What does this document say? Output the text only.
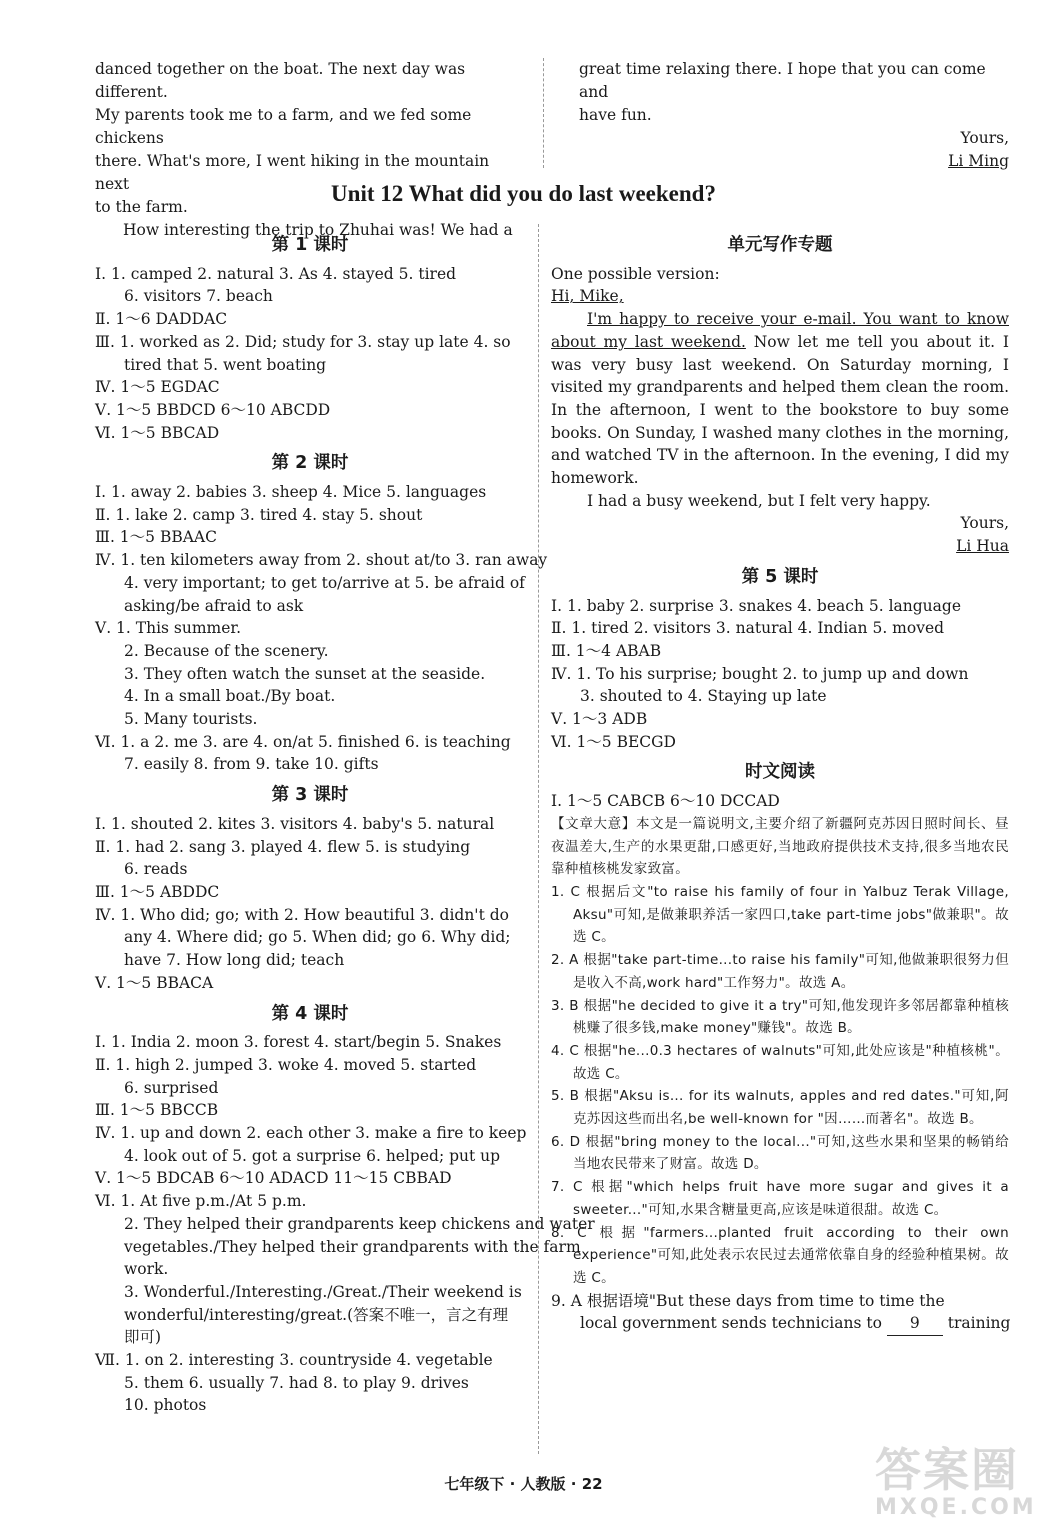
danced together on the boat. The next day was different.
My parents took me to a farm, and we fed some chickens
there. What's more, I went hiking in the mountain next
to the farm.
How interesting the trip to Zhuhai was! We had a
great time relaxing there. I hope that you can come and
have fun.
Yours,
Li Ming
Unit 12 What did you do last weekend?
第 1 课时
Ⅰ. 1. camped 2. natural 3. As 4. stayed 5. tired
6. visitors 7. beach
Ⅱ. 1～6 DADDAC
Ⅲ. 1. worked as 2. Did; study for 3. stay up late 4. so
tired that 5. went boating
Ⅳ. 1～5 EGDAC
Ⅴ. 1～5 BBDCD 6～10 ABCDD
Ⅵ. 1～5 BBCAD
第 2 课时
Ⅰ. 1. away 2. babies 3. sheep 4. Mice 5. languages
Ⅱ. 1. lake 2. camp 3. tired 4. stay 5. shout
Ⅲ. 1～5 BBAAC
Ⅳ. 1. ten kilometers away from 2. shout at/to 3. ran away
4. very important; to get to/arrive at 5. be afraid of
asking/be afraid to ask
Ⅴ. 1. This summer.
2. Because of the scenery.
3. They often watch the sunset at the seaside.
4. In a small boat./By boat.
5. Many tourists.
Ⅵ. 1. a 2. me 3. are 4. on/at 5. finished 6. is teaching
7. easily 8. from 9. take 10. gifts
第 3 课时
Ⅰ. 1. shouted 2. kites 3. visitors 4. baby's 5. natural
Ⅱ. 1. had 2. sang 3. played 4. flew 5. is studying
6. reads
Ⅲ. 1～5 ABDDC
Ⅳ. 1. Who did; go; with 2. How beautiful 3. didn't do
any 4. Where did; go 5. When did; go 6. Why did;
have 7. How long did; teach
Ⅴ. 1～5 BBACA
第 4 课时
Ⅰ. 1. India 2. moon 3. forest 4. start/begin 5. Snakes
Ⅱ. 1. high 2. jumped 3. woke 4. moved 5. started
6. surprised
Ⅲ. 1～5 BBCCB
Ⅳ. 1. up and down 2. each other 3. make a fire to keep
4. look out of 5. got a surprise 6. helped; put up
Ⅴ. 1～5 BDCAB 6～10 ADACD 11～15 CBBAD
Ⅵ. 1. At five p.m./At 5 p.m.
2. They helped their grandparents keep chickens and water
vegetables./They helped their grandparents with the farm
work.
3. Wonderful./Interesting./Great./Their weekend is
wonderful/interesting/great.(答案不唯一，言之有理
即可)
Ⅶ. 1. on 2. interesting 3. countryside 4. vegetable
5. them 6. usually 7. had 8. to play 9. drives
10. photos
单元写作专题
One possible version:
Hi, Mike,
I'm happy to receive your e-mail. You want to know about my last weekend. Now let me tell you about it. I was very busy last weekend. On Saturday morning, I visited my grandparents and helped them clean the room. In the afternoon, I went to the bookstore to buy some books. On Sunday, I washed many clothes in the morning, and watched TV in the afternoon. In the evening, I did my homework.
I had a busy weekend, but I felt very happy.
Yours,
Li Hua
第 5 课时
Ⅰ. 1. baby 2. surprise 3. snakes 4. beach 5. language
Ⅱ. 1. tired 2. visitors 3. natural 4. Indian 5. moved
Ⅲ. 1～4 ABAB
Ⅳ. 1. To his surprise; bought 2. to jump up and down
3. shouted to 4. Staying up late
Ⅴ. 1～3 ADB
Ⅵ. 1～5 BECGD
时文阅读
Ⅰ. 1～5 CABCB 6～10 DCCAD
【文章大意】本文是一篇说明文,主要介绍了新疆阿克苏因日照时间长、昼夜温差大,生产的水果更甜,口感更好,当地政府提供技术支持,很多当地农民靠种植核桃发家致富。
1. C 根据后文"to raise his family of four in Yalbuz Terak Village, Aksu"可知,是做兼职养活一家四口,take part-time jobs"做兼职"。故选 C。
2. A 根据"take part-time...to raise his family"可知,他做兼职很努力但是收入不高,work hard"工作努力"。故选 A。
3. B 根据"he decided to give it a try"可知,他发现许多邻居都靠种植核桃赚了很多钱,make money"赚钱"。故选 B。
4. C 根据"he...0.3 hectares of walnuts"可知,此处应该是"种植核桃"。故选 C。
5. B 根据"Aksu is... for its walnuts, apples and red dates."可知,阿克苏因这些而出名,be well-known for "因……而著名"。故选 B。
6. D 根据"bring money to the local..."可知,这些水果和坚果的畅销给当地农民带来了财富。故选 D。
7. C 根据"which helps fruit have more sugar and gives it a sweeter..."可知,水果含糖量更高,应该是味道很甜。故选 C。
8. C 根据"farmers...planted fruit according to their own experience"可知,此处表示农民过去通常依靠自身的经验种植果树。故选 C。
9. A 根据语境"But these days from time to time the
local government sends technicians to 9 training
七年级下 · 人教版 · 22	答案圈
MXQE.COM
